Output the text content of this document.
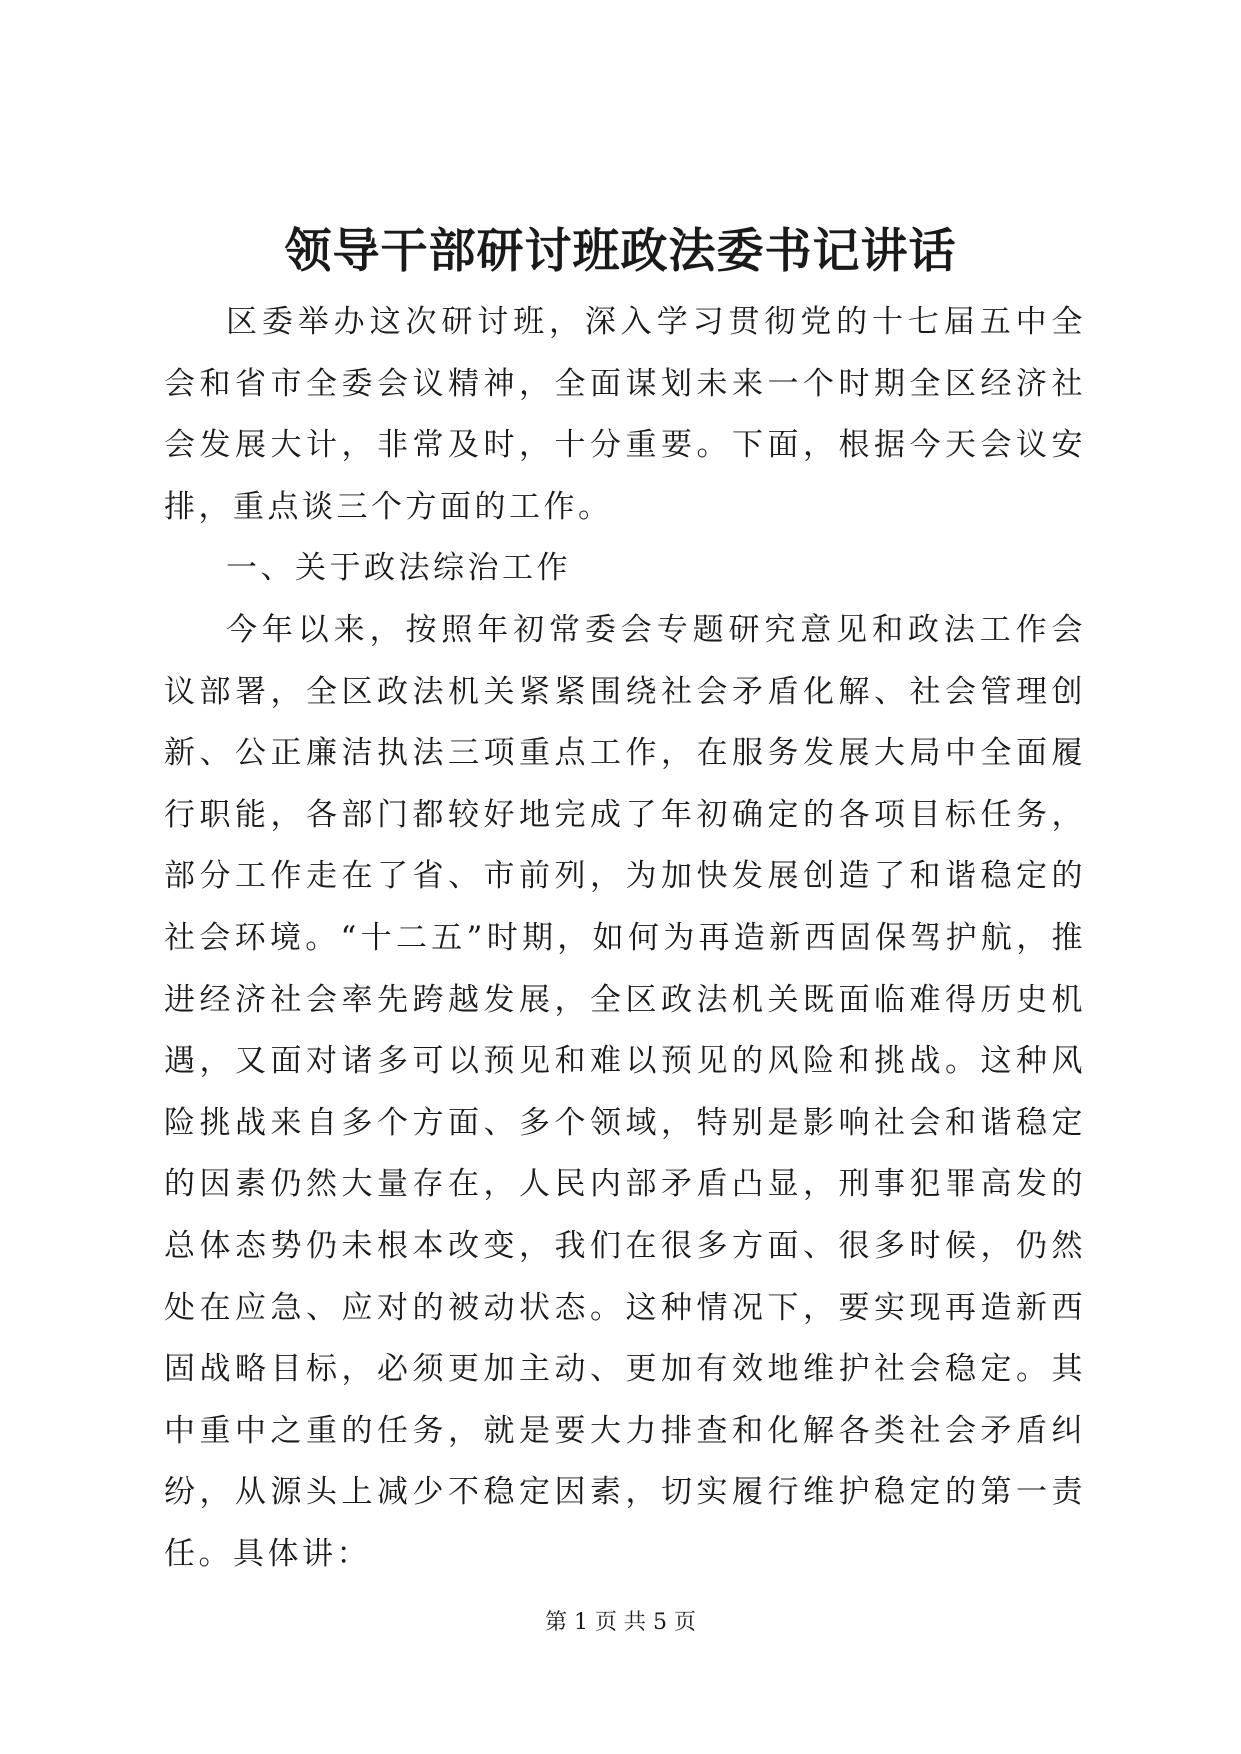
领导干部研讨班政法委书记讲话

区委举办这次研讨班，深入学习贯彻党的十七届五中全会和省市全委会议精神，全面谋划未来一个时期全区经济社会发展大计，非常及时，十分重要。下面，根据今天会议安排，重点谈三个方面的工作。

一、关于政法综治工作

今年以来，按照年初常委会专题研究意见和政法工作会议部署，全区政法机关紧紧围绕社会矛盾化解、社会管理创新、公正廉洁执法三项重点工作，在服务发展大局中全面履行职能，各部门都较好地完成了年初确定的各项目标任务，部分工作走在了省、市前列，为加快发展创造了和谐稳定的社会环境。“十二五”时期，如何为再造新西固保驾护航，推进经济社会率先跨越发展，全区政法机关既面临难得历史机遇，又面对诸多可以预见和难以预见的风险和挑战。这种风险挑战来自多个方面、多个领域，特别是影响社会和谐稳定的因素仍然大量存在，人民内部矛盾凸显，刑事犯罪高发的总体态势仍未根本改变，我们在很多方面、很多时候，仍然处在应急、应对的被动状态。这种情况下，要实现再造新西固战略目标，必须更加主动、更加有效地维护社会稳定。其中重中之重的任务，就是要大力排查和化解各类社会矛盾纠纷，从源头上减少不稳定因素，切实履行维护稳定的第一责任。具体讲：

第 1 页 共 5 页
